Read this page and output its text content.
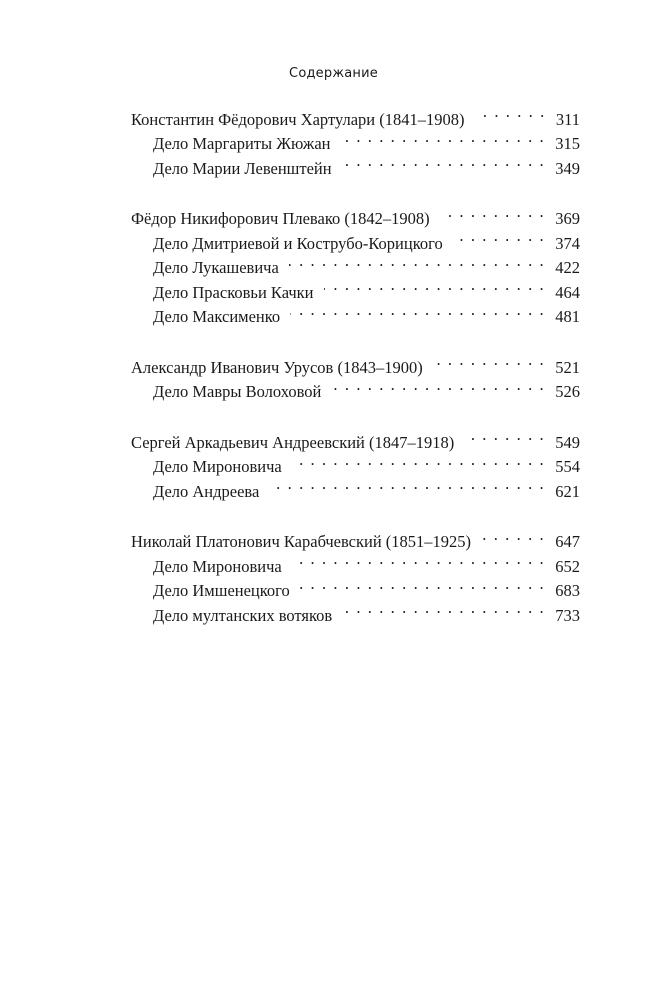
Содержание
Константин Фёдорович Хартулари (1841–1908) . . .	311
Дело Маргариты Жюжан . . .	315
Дело Марии Левенштейн . . .	349
Фёдор Никифорович Плевако (1842–1908) . . .	369
Дело Дмитриевой и Кострубо-Корицкого . . .	374
Дело Лукашевича . . .	422
Дело Прасковьи Качки . . .	464
Дело Максименко . . .	481
Александр Иванович Урусов (1843–1900) . . .	521
Дело Мавры Волоховой . . .	526
Сергей Аркадьевич Андреевский (1847–1918) . . .	549
Дело Мироновича . . .	554
Дело Андреева . . .	621
Николай Платонович Карабчевский (1851–1925) . . .	647
Дело Мироновича . . .	652
Дело Имшенецкого . . .	683
Дело мултанских вотяков . . .	733
